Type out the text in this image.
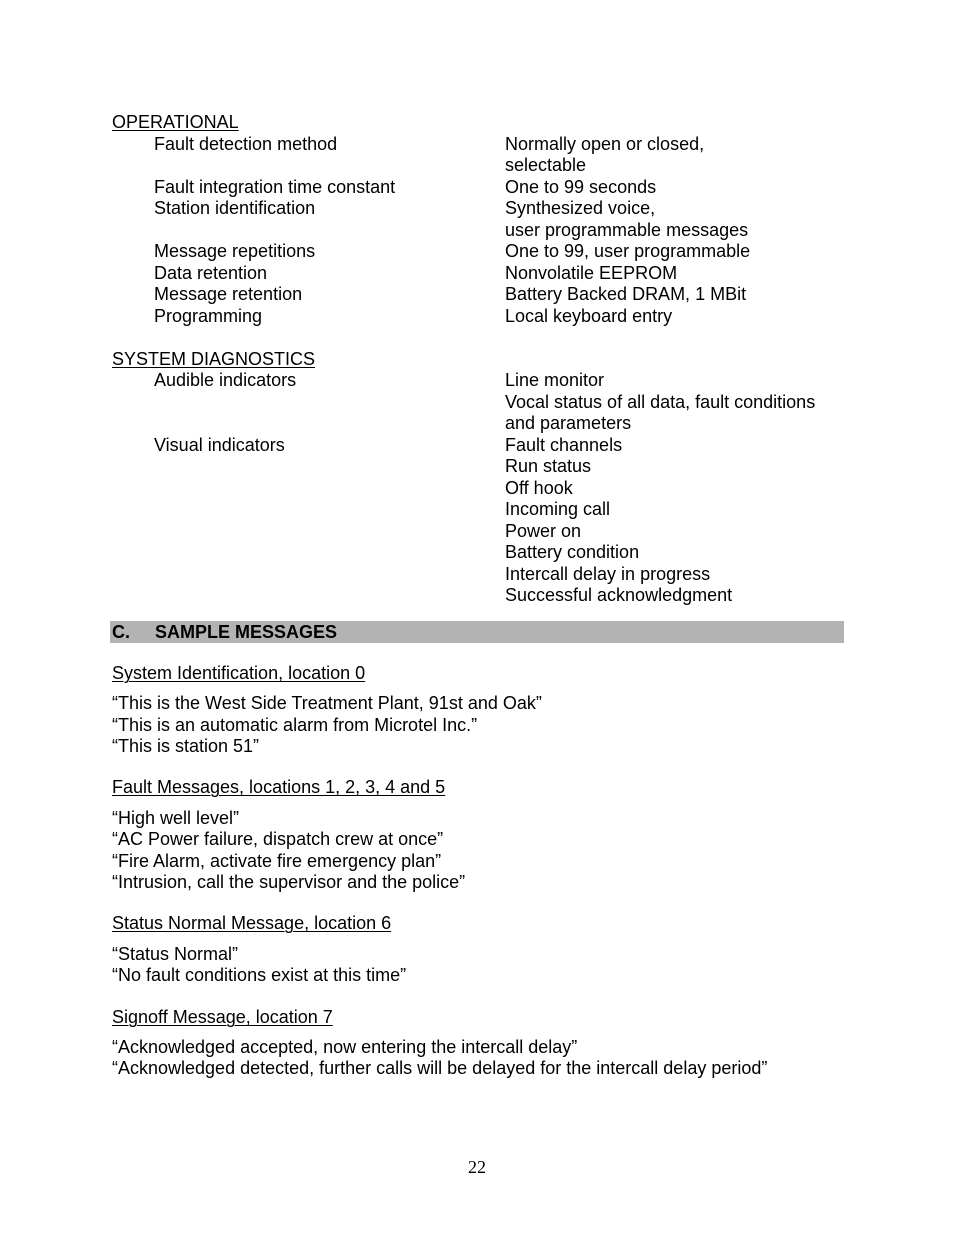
OPERATIONAL
Fault detection method	Normally open or closed,
selectable
Fault integration time constant	One to 99 seconds
Station identification	Synthesized voice,
user programmable messages
Message repetitions	One to 99, user programmable
Data retention	Nonvolatile EEPROM
Message retention	Battery Backed DRAM, 1 MBit
Programming	Local keyboard entry
SYSTEM DIAGNOSTICS
Audible indicators	Line monitor
Vocal status of all data, fault conditions
and parameters
Visual indicators	Fault channels
Run status
Off hook
Incoming call
Power on
Battery condition
Intercall delay in progress
Successful acknowledgment
C. SAMPLE MESSAGES
System Identification, location 0
“This is the West Side Treatment Plant, 91st and Oak”
“This is an automatic alarm from Microtel Inc.”
“This is station 51”
Fault Messages, locations 1, 2, 3, 4 and 5
“High well level”
“AC Power failure, dispatch crew at once”
“Fire Alarm, activate fire emergency plan”
“Intrusion, call the supervisor and the police”
Status Normal Message, location 6
“Status Normal”
“No fault conditions exist at this time”
Signoff Message, location 7
“Acknowledged accepted, now entering the intercall delay”
“Acknowledged detected, further calls will be delayed for the intercall delay period”
22
